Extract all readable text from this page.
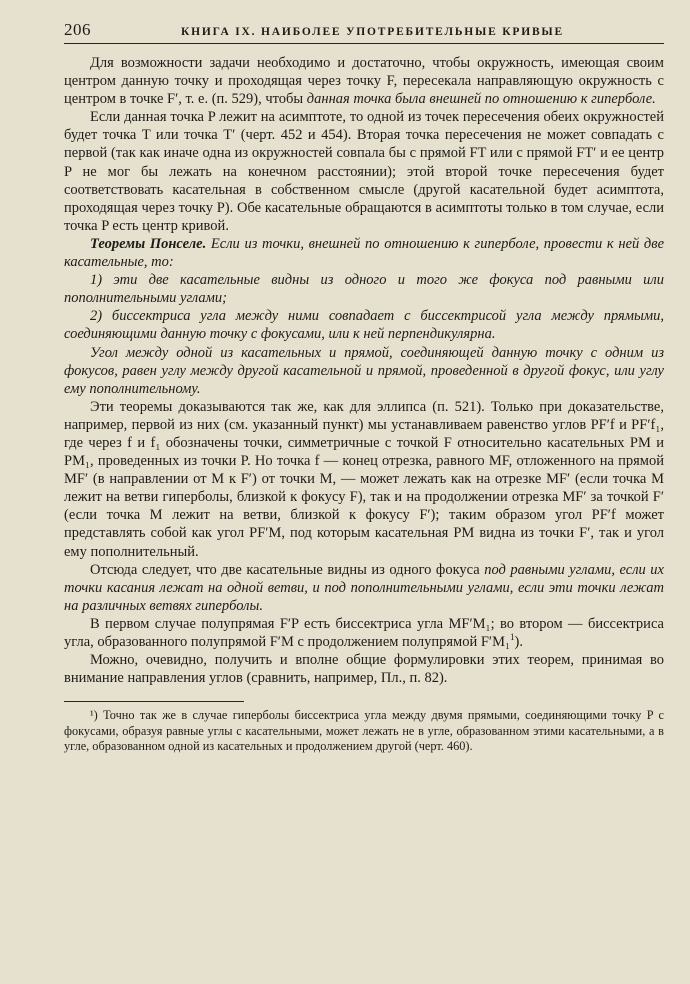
206	КНИГА IX. НАИБОЛЕЕ УПОТРЕБИТЕЛЬНЫЕ КРИВЫЕ

Для возможности задачи необходимо и достаточно, чтобы окружность, имеющая своим центром данную точку и проходящая через точку F, пересекала направляющую окружность с центром в точке F′, т. е. (п. 529), чтобы данная точка была внешней по отношению к гиперболе.

Если данная точка P лежит на асимптоте, то одной из точек пересечения обеих окружностей будет точка T или точка T′ (черт. 452 и 454). Вторая точка пересечения не может совпадать с первой (так как иначе одна из окружностей совпала бы с прямой FT или с прямой FT′ и ее центр P не мог бы лежать на конечном расстоянии); этой второй точке пересечения будет соответствовать касательная в собственном смысле (другой касательной будет асимптота, проходящая через точку P). Обе касательные обращаются в асимптоты только в том случае, если точка P есть центр кривой.

Теоремы Понселе. Если из точки, внешней по отношению к гиперболе, провести к ней две касательные, то:

1) эти две касательные видны из одного и того же фокуса под равными или пополнительными углами;

2) биссектриса угла между ними совпадает с биссектрисой угла между прямыми, соединяющими данную точку с фокусами, или к ней перпендикулярна.

Угол между одной из касательных и прямой, соединяющей данную точку с одним из фокусов, равен углу между другой касательной и прямой, проведенной в другой фокус, или углу ему пополнительному.

Эти теоремы доказываются так же, как для эллипса (п. 521). Только при доказательстве, например, первой из них (см. указанный пункт) мы устанавливаем равенство углов PF′f и PF′f₁, где через f и f₁ обозначены точки, симметричные с точкой F относительно касательных PM и PM₁, проведенных из точки P. Но точка f — конец отрезка, равного MF, отложенного на прямой MF′ (в направлении от M к F′) от точки M, — может лежать как на отрезке MF′ (если точка M лежит на ветви гиперболы, близкой к фокусу F), так и на продолжении отрезка MF′ за точкой F′ (если точка M лежит на ветви, близкой к фокусу F′); таким образом угол PF′f может представлять собой как угол PF′M, под которым касательная PM видна из точки F′, так и угол ему пополнительный.

Отсюда следует, что две касательные видны из одного фокуса под равными углами, если их точки касания лежат на одной ветви, и под пополнительными углами, если эти точки лежат на различных ветвях гиперболы.

В первом случае полупрямая F′P есть биссектриса угла MF′M₁; во втором — биссектриса угла, образованного полупрямой F′M с продолжением полупрямой F′M₁$^1$).

Можно, очевидно, получить и вполне общие формулировки этих теорем, принимая во внимание направления углов (сравнить, например, Пл., п. 82).

¹) Точно так же в случае гиперболы биссектриса угла между двумя прямыми, соединяющими точку P с фокусами, образуя равные углы с касательными, может лежать не в угле, образованном этими касательными, а в угле, образованном одной из касательных и продолжением другой (черт. 460).
